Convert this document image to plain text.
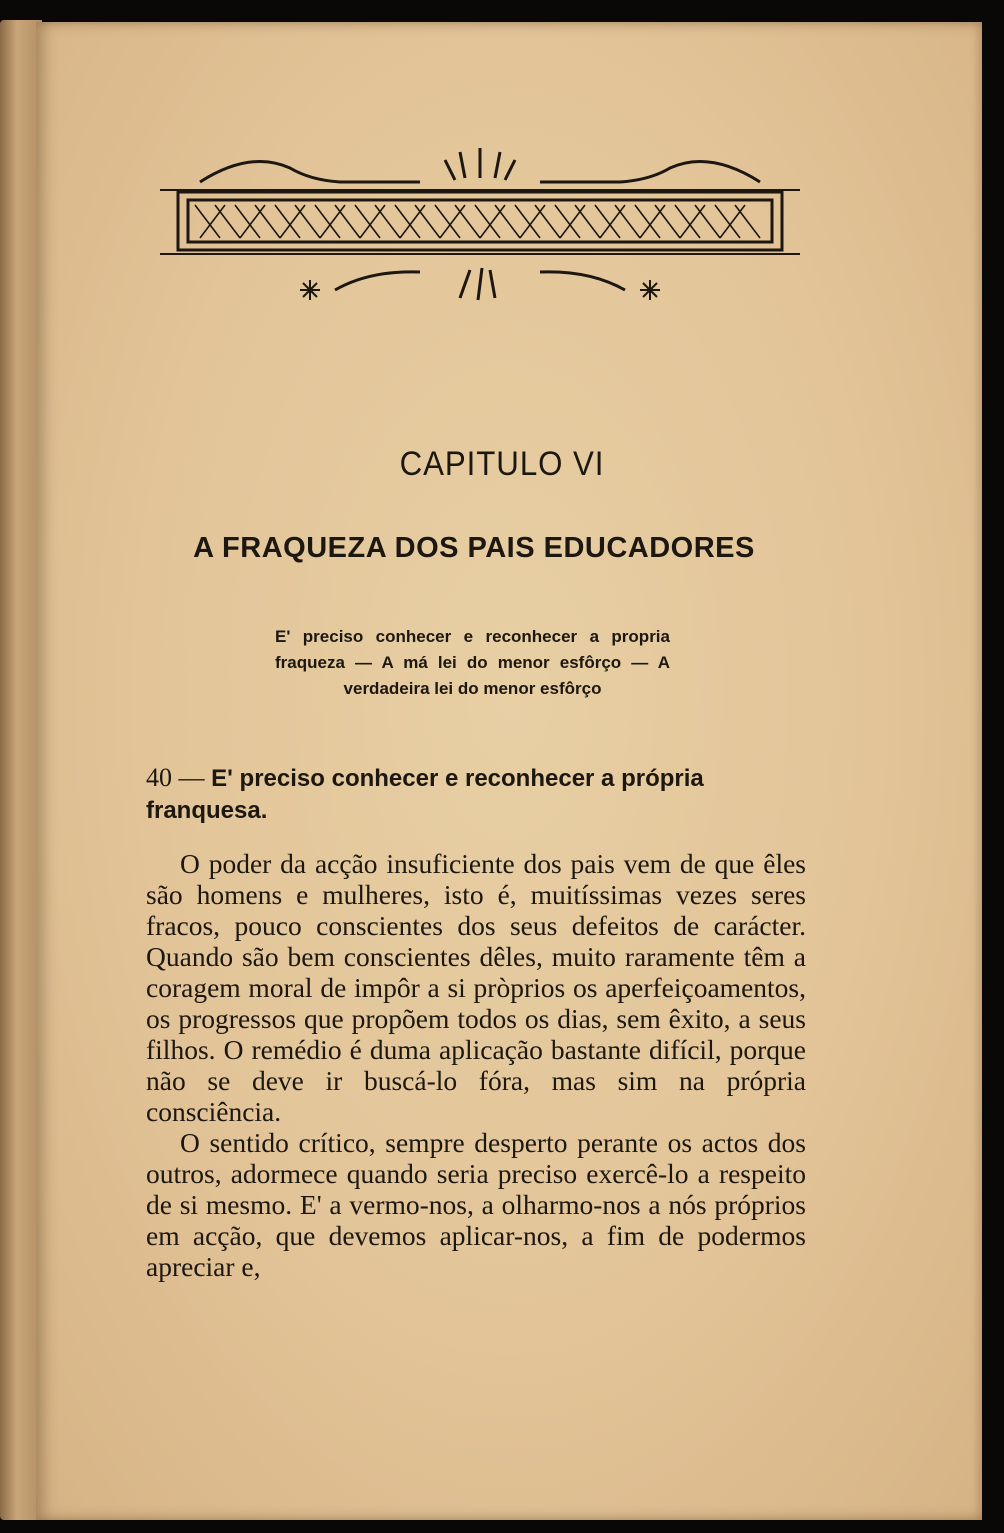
CAPITULO VI
A FRAQUEZA DOS PAIS EDUCADORES
E' preciso conhecer e reconhecer a propria fraqueza — A má lei do menor esfôrço — A verdadeira lei do menor esfôrço
40 — E' preciso conhecer e reconhecer a própria franquesa.

O poder da acção insuficiente dos pais vem de que êles são homens e mulheres, isto é, muitíssimas vezes seres fracos, pouco conscientes dos seus defeitos de carácter. Quando são bem conscientes dêles, muito raramente têm a coragem moral de impôr a si pròprios os aperfeiçoamentos, os progressos que propõem todos os dias, sem êxito, a seus filhos. O remédio é duma aplicação bastante difícil, porque não se deve ir buscá-lo fóra, mas sim na própria consciência.

O sentido crítico, sempre desperto perante os actos dos outros, adormece quando seria preciso exercê-lo a respeito de si mesmo. E' a vermo-nos, a olharmo-nos a nós próprios em acção, que devemos aplicar-nos, a fim de podermos apreciar e,
